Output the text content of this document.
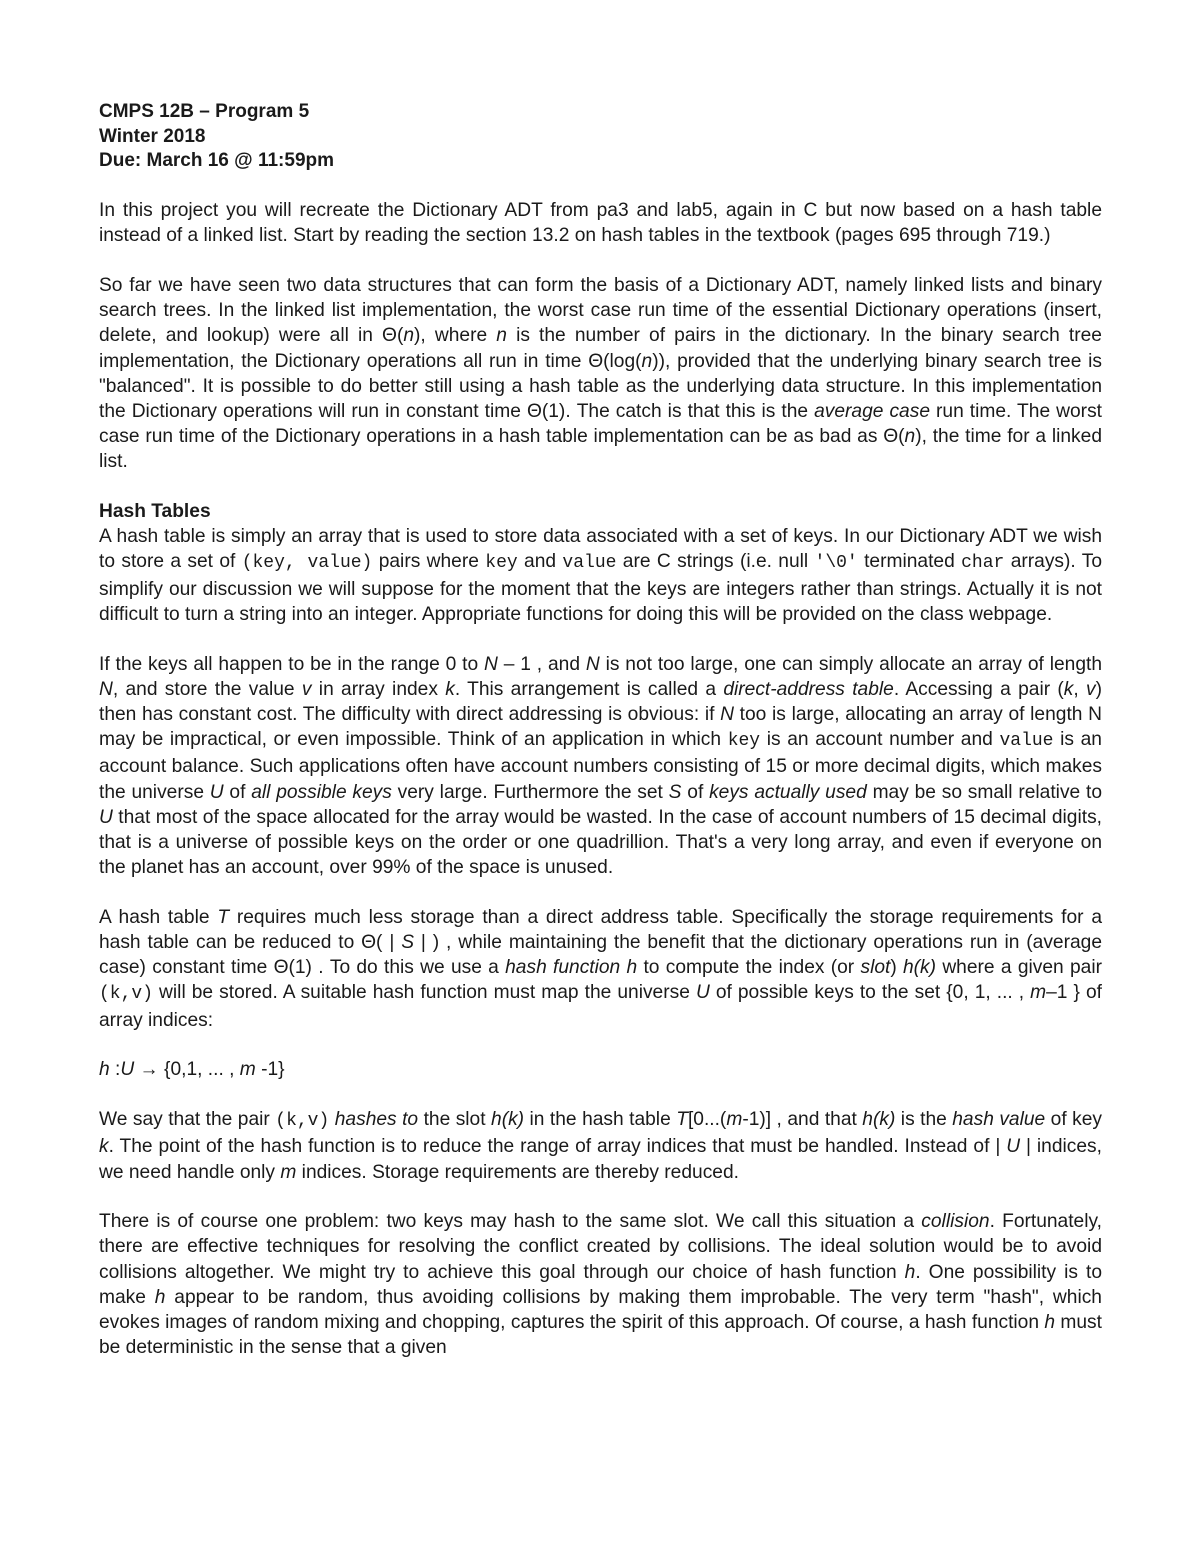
CMPS 12B – Program 5

Winter 2018

Due: March 16 @ 11:59pm

In this project you will recreate the Dictionary ADT from pa3 and lab5, again in C but now based on a hash table instead of a linked list. Start by reading the section 13.2 on hash tables in the textbook (pages 695 through 719.)

So far we have seen two data structures that can form the basis of a Dictionary ADT, namely linked lists and binary search trees. In the linked list implementation, the worst case run time of the essential Dictionary operations (insert, delete, and lookup) were all in Θ(n), where n is the number of pairs in the dictionary. In the binary search tree implementation, the Dictionary operations all run in time Θ(log(n)), provided that the underlying binary search tree is "balanced". It is possible to do better still using a hash table as the underlying data structure. In this implementation the Dictionary operations will run in constant time Θ(1). The catch is that this is the average case run time. The worst case run time of the Dictionary operations in a hash table implementation can be as bad as Θ(n), the time for a linked list.

Hash Tables

A hash table is simply an array that is used to store data associated with a set of keys. In our Dictionary ADT we wish to store a set of (key, value) pairs where key and value are C strings (i.e. null '\0' terminated char arrays). To simplify our discussion we will suppose for the moment that the keys are integers rather than strings. Actually it is not difficult to turn a string into an integer. Appropriate functions for doing this will be provided on the class webpage.

If the keys all happen to be in the range 0 to N – 1 , and N is not too large, one can simply allocate an array of length N, and store the value v in array index k. This arrangement is called a direct-address table. Accessing a pair (k, v) then has constant cost. The difficulty with direct addressing is obvious: if N too is large, allocating an array of length N may be impractical, or even impossible. Think of an application in which key is an account number and value is an account balance. Such applications often have account numbers consisting of 15 or more decimal digits, which makes the universe U of all possible keys very large. Furthermore the set S of keys actually used may be so small relative to U that most of the space allocated for the array would be wasted. In the case of account numbers of 15 decimal digits, that is a universe of possible keys on the order or one quadrillion. That's a very long array, and even if everyone on the planet has an account, over 99% of the space is unused.

A hash table T requires much less storage than a direct address table. Specifically the storage requirements for a hash table can be reduced to Θ( | S | ) , while maintaining the benefit that the dictionary operations run in (average case) constant time Θ(1) . To do this we use a hash function h to compute the index (or slot) h(k) where a given pair (k,v) will be stored. A suitable hash function must map the universe U of possible keys to the set {0, 1, ... , m–1 } of array indices:

h :U → {0,1, ... , m -1}

We say that the pair (k,v) hashes to the slot h(k) in the hash table T[0...(m-1)] , and that h(k) is the hash value of key k. The point of the hash function is to reduce the range of array indices that must be handled. Instead of | U | indices, we need handle only m indices. Storage requirements are thereby reduced.

There is of course one problem: two keys may hash to the same slot. We call this situation a collision. Fortunately, there are effective techniques for resolving the conflict created by collisions. The ideal solution would be to avoid collisions altogether. We might try to achieve this goal through our choice of hash function h. One possibility is to make h appear to be random, thus avoiding collisions by making them improbable. The very term "hash", which evokes images of random mixing and chopping, captures the spirit of this approach. Of course, a hash function h must be deterministic in the sense that a given
